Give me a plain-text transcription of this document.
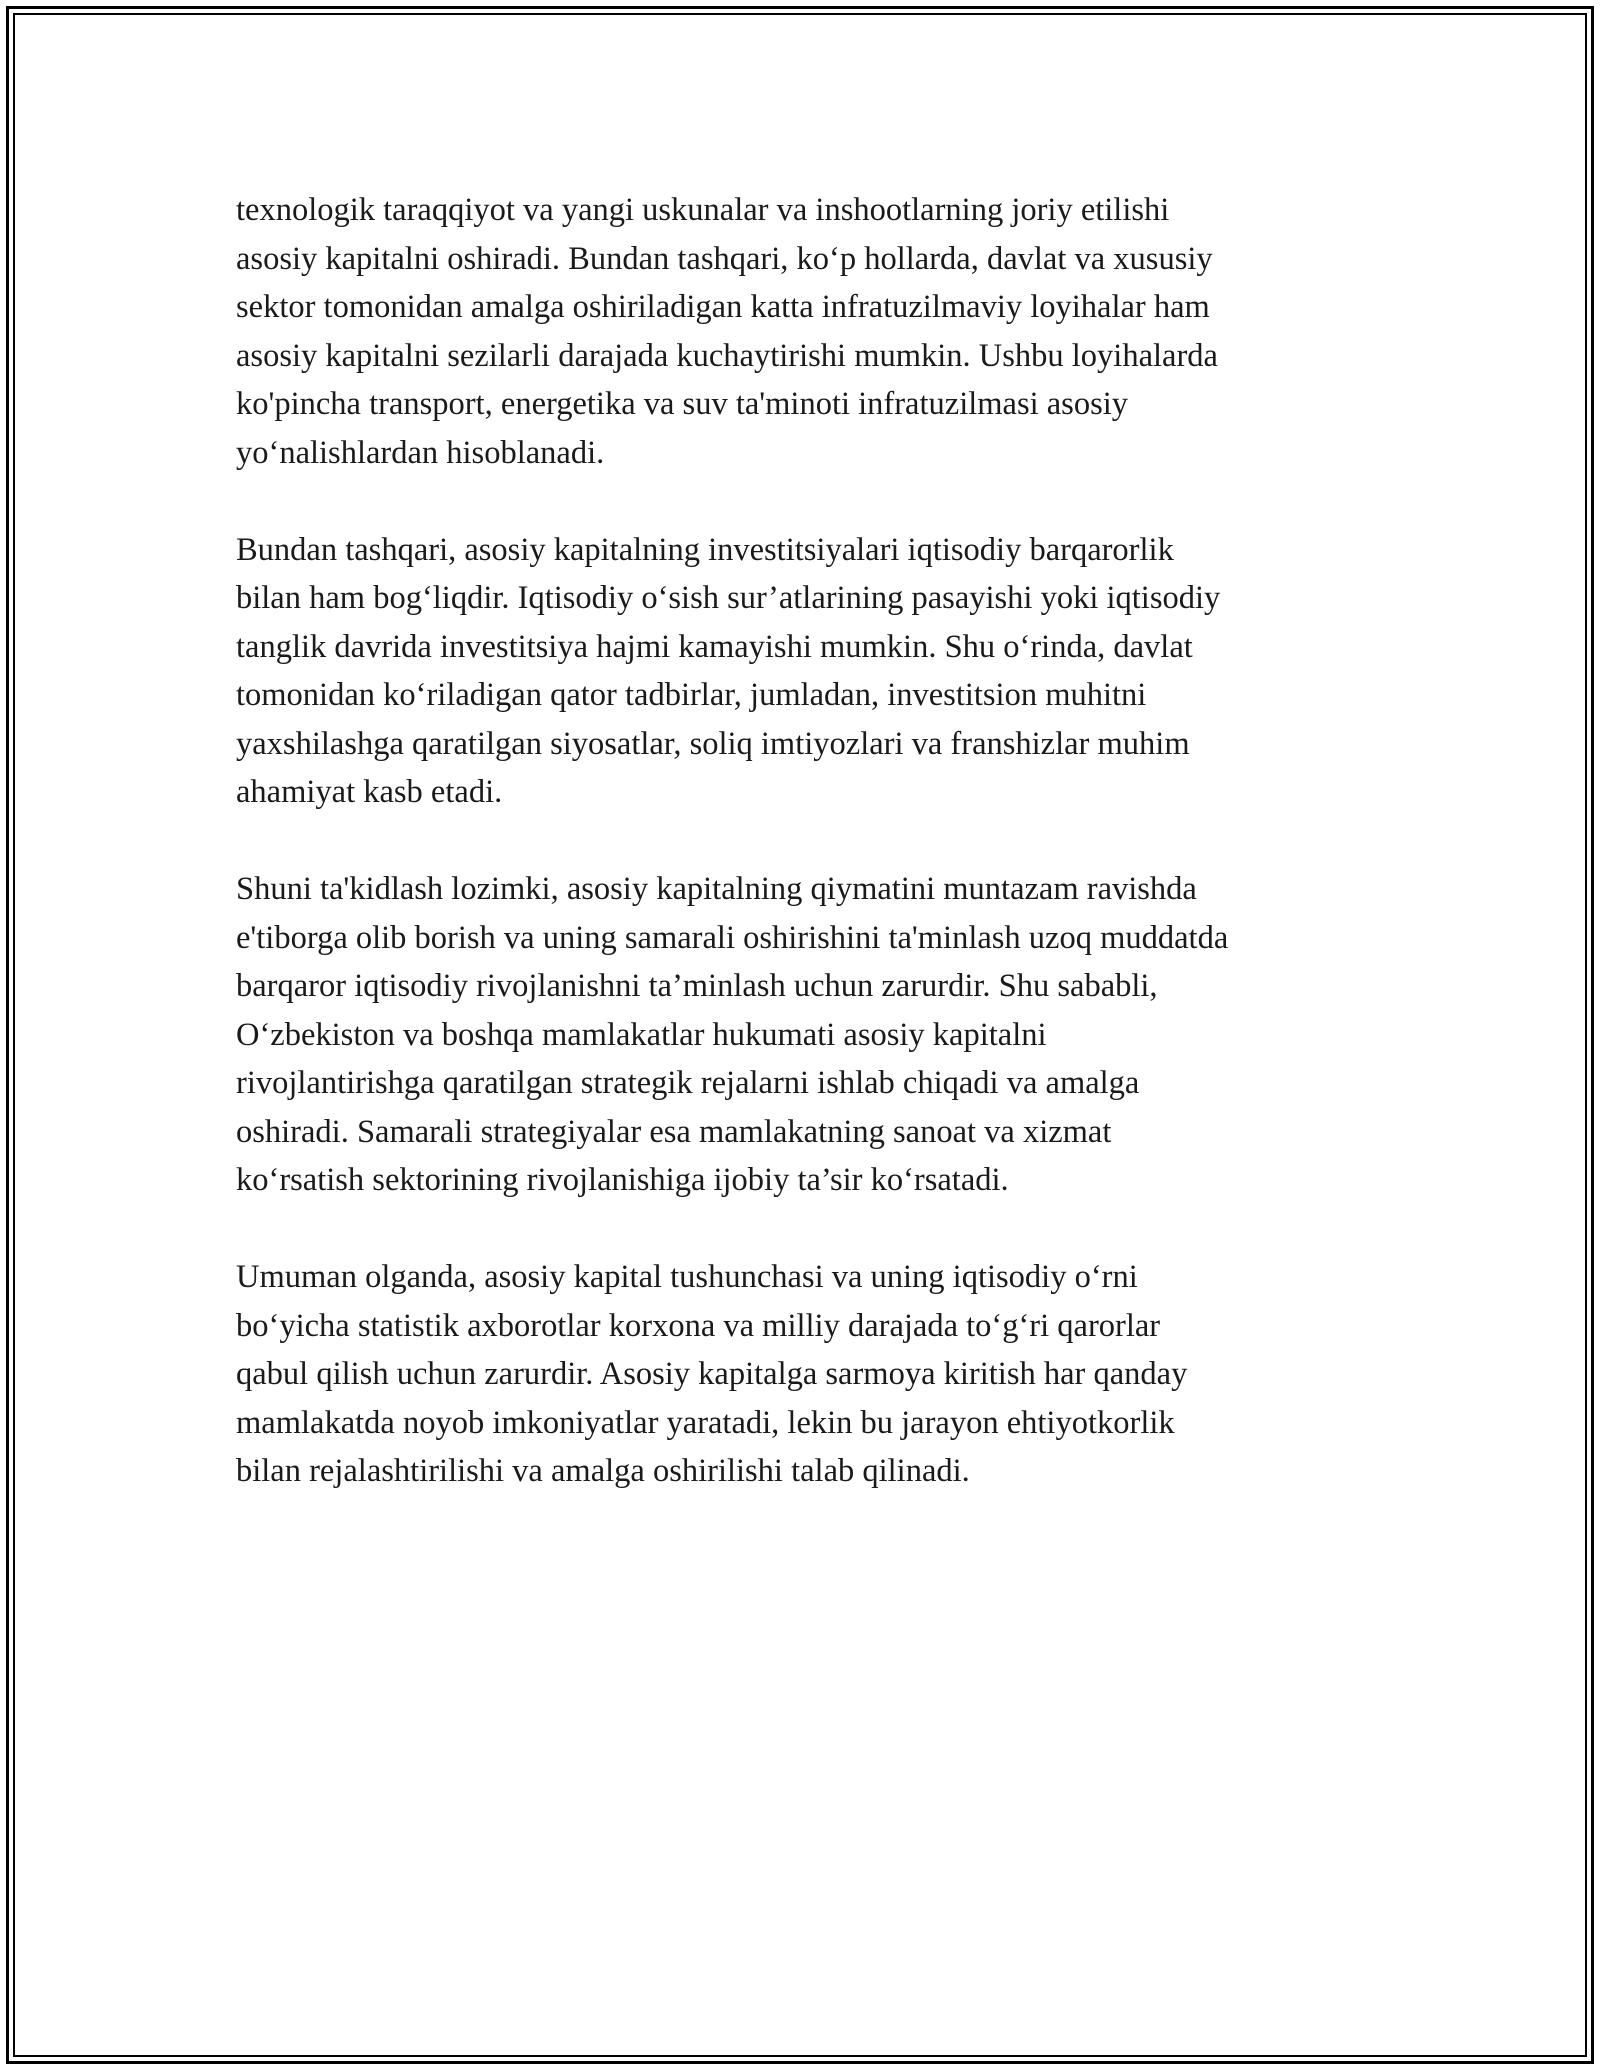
texnologik taraqqiyot va yangi uskunalar va inshootlarning joriy etilishi
asosiy kapitalni oshiradi. Bundan tashqari, ko‘p hollarda, davlat va xususiy
sektor tomonidan amalga oshiriladigan katta infratuzilmaviy loyihalar ham
asosiy kapitalni sezilarli darajada kuchaytirishi mumkin. Ushbu loyihalarda
ko'pincha transport, energetika va suv ta'minoti infratuzilmasi asosiy
yo‘nalishlardan hisoblanadi.

Bundan tashqari, asosiy kapitalning investitsiyalari iqtisodiy barqarorlik
bilan ham bog‘liqdir. Iqtisodiy o‘sish sur’atlarining pasayishi yoki iqtisodiy
tanglik davrida investitsiya hajmi kamayishi mumkin. Shu o‘rinda, davlat
tomonidan ko‘riladigan qator tadbirlar, jumladan, investitsion muhitni
yaxshilashga qaratilgan siyosatlar, soliq imtiyozlari va franshizlar muhim
ahamiyat kasb etadi.

Shuni ta'kidlash lozimki, asosiy kapitalning qiymatini muntazam ravishda
e'tiborga olib borish va uning samarali oshirishini ta'minlash uzoq muddatda
barqaror iqtisodiy rivojlanishni ta’minlash uchun zarurdir. Shu sababli,
O‘zbekiston va boshqa mamlakatlar hukumati asosiy kapitalni
rivojlantirishga qaratilgan strategik rejalarni ishlab chiqadi va amalga
oshiradi. Samarali strategiyalar esa mamlakatning sanoat va xizmat
ko‘rsatish sektorining rivojlanishiga ijobiy ta’sir ko‘rsatadi.

Umuman olganda, asosiy kapital tushunchasi va uning iqtisodiy o‘rni
bo‘yicha statistik axborotlar korxona va milliy darajada to‘g‘ri qarorlar
qabul qilish uchun zarurdir. Asosiy kapitalga sarmoya kiritish har qanday
mamlakatda noyob imkoniyatlar yaratadi, lekin bu jarayon ehtiyotkorlik
bilan rejalashtirilishi va amalga oshirilishi talab qilinadi.
